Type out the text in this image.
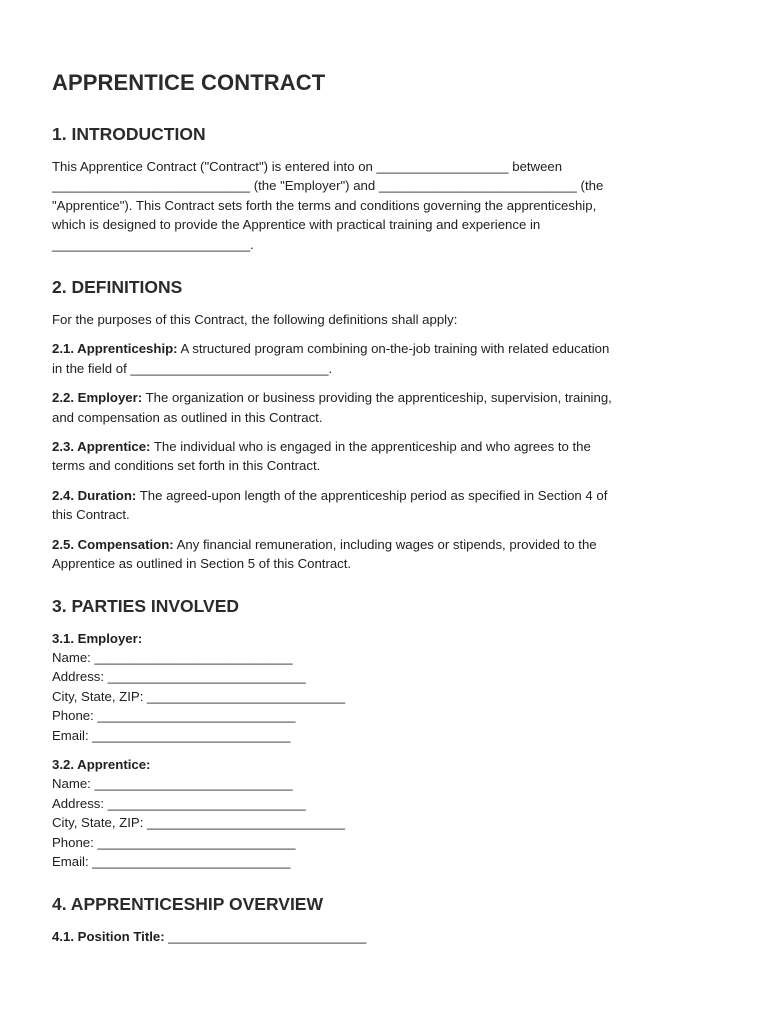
APPRENTICE CONTRACT
1. INTRODUCTION

This Apprentice Contract ("Contract") is entered into on __________________ between

___________________________ (the "Employer") and ___________________________ (the

"Apprentice"). This Contract sets forth the terms and conditions governing the apprenticeship,

which is designed to provide the Apprentice with practical training and experience in

___________________________.

2. DEFINITIONS

For the purposes of this Contract, the following definitions shall apply:

2.1. Apprenticeship: A structured program combining on-the-job training with related education
in the field of ___________________________.
2.2. Employer: The organization or business providing the apprenticeship, supervision, training,
and compensation as outlined in this Contract.
2.3. Apprentice: The individual who is engaged in the apprenticeship and who agrees to the
terms and conditions set forth in this Contract.
2.4. Duration: The agreed-upon length of the apprenticeship period as specified in Section 4 of
this Contract.
2.5. Compensation: Any financial remuneration, including wages or stipends, provided to the
Apprentice as outlined in Section 5 of this Contract.
3. PARTIES INVOLVED

3.1. Employer:

Name: ___________________________

Address: ___________________________

City, State, ZIP: ___________________________

Phone: ___________________________

Email: ___________________________

3.2. Apprentice:

Name: ___________________________

Address: ___________________________

City, State, ZIP: ___________________________

Phone: ___________________________

Email: ___________________________

4. APPRENTICESHIP OVERVIEW

4.1. Position Title: ___________________________
